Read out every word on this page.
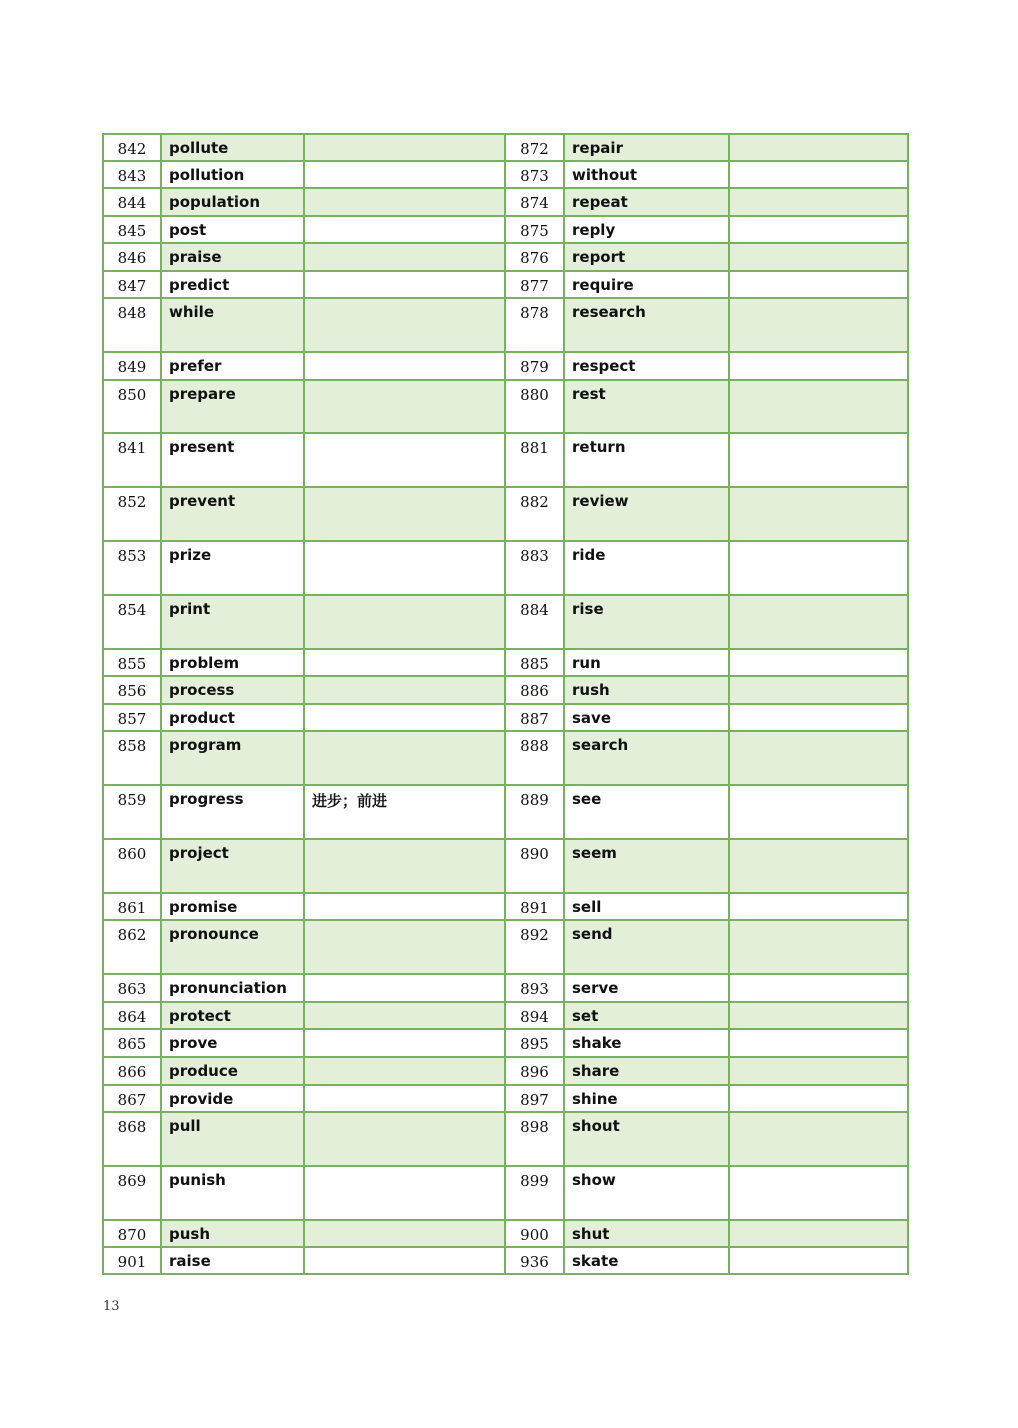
842	pollute		872	repair	
843	pollution		873	without	
844	population		874	repeat	
845	post		875	reply	
846	praise		876	report	
847	predict		877	require	
848	while		878	research	
849	prefer		879	respect	
850	prepare		880	rest	
841	present		881	return	
852	prevent		882	review	
853	prize		883	ride	
854	print		884	rise	
855	problem		885	run	
856	process		886	rush	
857	product		887	save	
858	program		888	search	
859	progress	进步；前进	889	see	
860	project		890	seem	
861	promise		891	sell	
862	pronounce		892	send	
863	pronunciation		893	serve	
864	protect		894	set	
865	prove		895	shake	
866	produce		896	share	
867	provide		897	shine	
868	pull		898	shout	
869	punish		899	show	
870	push		900	shut	
901	raise		936	skate	
13
